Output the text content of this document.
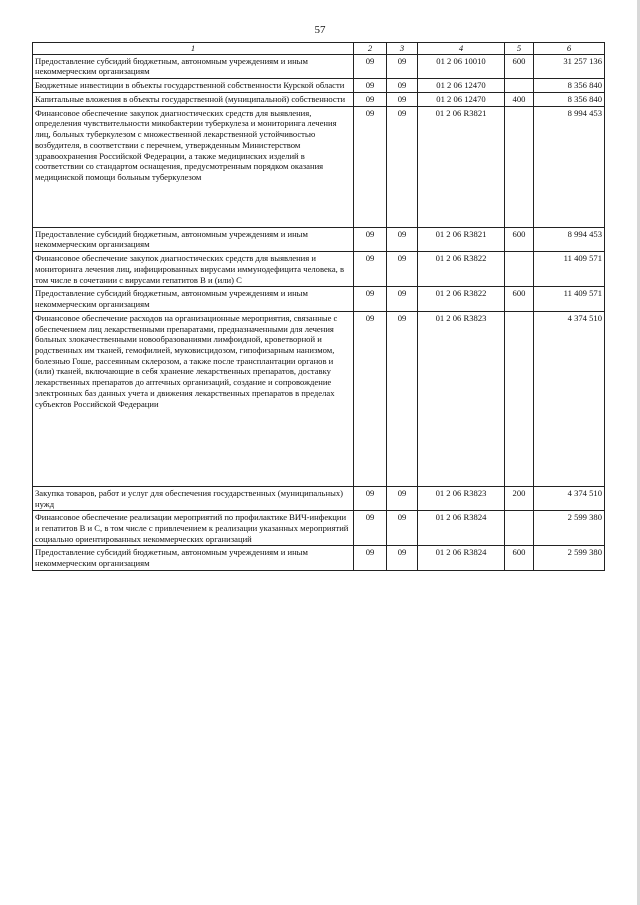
57
1	2	3	4	5	6
Предоставление субсидий бюджетным, автономным учреждениям и иным некоммерческим организациям	09	09	01 2 06 10010	600	31 257 136
Бюджетные инвестиции в объекты государственной собственности Курской области	09	09	01 2 06 12470		8 356 840
Капитальные вложения в объекты государственной (муниципальной) собственности	09	09	01 2 06 12470	400	8 356 840
Финансовое обеспечение закупок диагностических средств для выявления, определения чувствительности микобактерии туберкулеза и мониторинга лечения лиц, больных туберкулезом с множественной лекарственной устойчивостью возбудителя, в соответствии с перечнем, утвержденным Министерством здравоохранения Российской Федерации, а также медицинских изделий в соответствии со стандартом оснащения, предусмотренным порядком оказания медицинской помощи больным туберкулезом	09	09	01 2 06 R3821		8 994 453
Предоставление субсидий бюджетным, автономным учреждениям и иным некоммерческим организациям	09	09	01 2 06 R3821	600	8 994 453
Финансовое обеспечение закупок диагностических средств для выявления и мониторинга лечения лиц, инфицированных вирусами иммунодефицита человека, в том числе в сочетании с вирусами гепатитов В и (или) С	09	09	01 2 06 R3822		11 409 571
Предоставление субсидий бюджетным, автономным учреждениям и иным некоммерческим организациям	09	09	01 2 06 R3822	600	11 409 571
Финансовое обеспечение расходов на организационные мероприятия, связанные с обеспечением лиц лекарственными препаратами, предназначенными для лечения больных злокачественными новообразованиями лимфоидной, кроветворной и родственных им тканей, гемофилией, муковисцидозом, гипофизарным нанизмом, болезнью Гоше, рассеянным склерозом, а также после трансплантации органов и (или) тканей, включающие в себя хранение лекарственных препаратов, доставку лекарственных препаратов до аптечных организаций, создание и сопровождение электронных баз данных учета и движения лекарственных препаратов в пределах субъектов Российской Федерации	09	09	01 2 06 R3823		4 374 510
Закупка товаров, работ и услуг для обеспечения государственных (муниципальных) нужд	09	09	01 2 06 R3823	200	4 374 510
Финансовое обеспечение реализации мероприятий по профилактике ВИЧ-инфекции и гепатитов В и С, в том числе с привлечением к реализации указанных мероприятий социально ориентированных некоммерческих организаций	09	09	01 2 06 R3824		2 599 380
Предоставление субсидий бюджетным, автономным учреждениям и иным некоммерческим организациям	09	09	01 2 06 R3824	600	2 599 380
